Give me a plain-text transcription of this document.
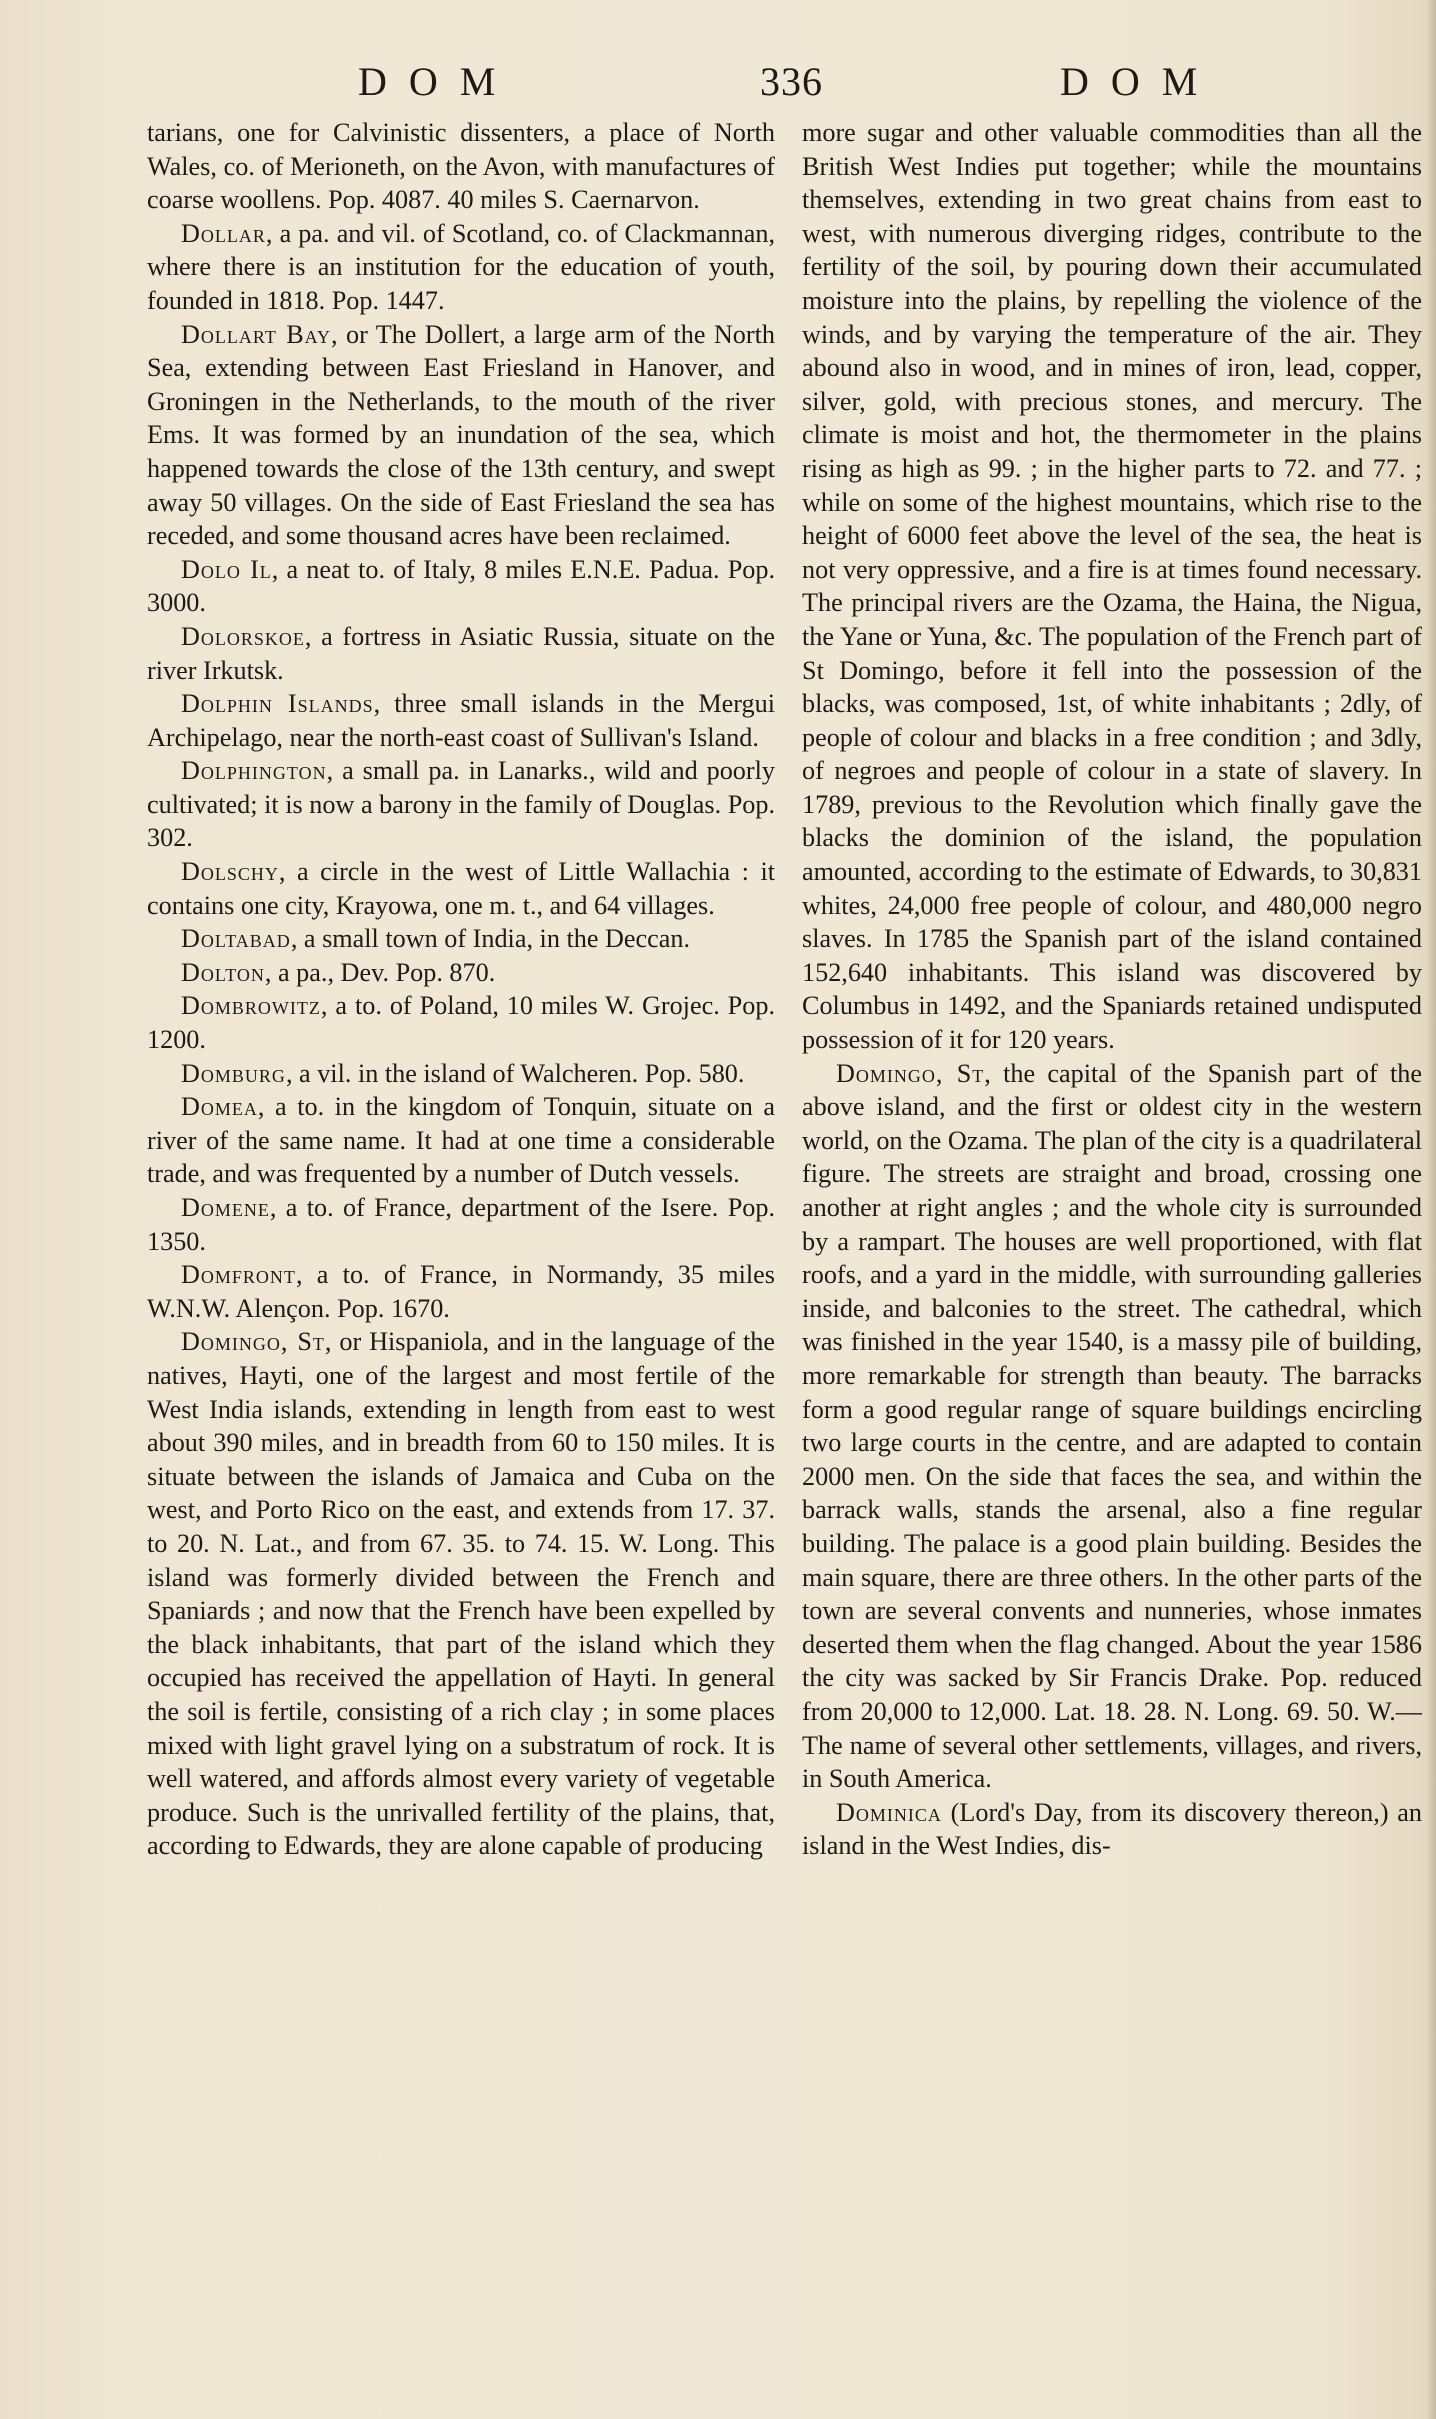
DOM	336	DOM

tarians, one for Calvinistic dissenters, a place of North Wales, co. of Merioneth, on the Avon, with manufactures of coarse woollens. Pop. 4087. 40 miles S. Caernarvon.

Dollar, a pa. and vil. of Scotland, co. of Clackmannan, where there is an institution for the education of youth, founded in 1818. Pop. 1447.

Dollart Bay, or The Dollert, a large arm of the North Sea, extending between East Friesland in Hanover, and Groningen in the Netherlands, to the mouth of the river Ems. It was formed by an inundation of the sea, which happened towards the close of the 13th century, and swept away 50 villages. On the side of East Friesland the sea has receded, and some thousand acres have been reclaimed.

Dolo Il, a neat to. of Italy, 8 miles E.N.E. Padua. Pop. 3000.

Dolorskoe, a fortress in Asiatic Russia, situate on the river Irkutsk.

Dolphin Islands, three small islands in the Mergui Archipelago, near the north-east coast of Sullivan's Island.

Dolphington, a small pa. in Lanarks., wild and poorly cultivated; it is now a barony in the family of Douglas. Pop. 302.

Dolschy, a circle in the west of Little Wallachia : it contains one city, Krayowa, one m. t., and 64 villages.

Doltabad, a small town of India, in the Deccan.

Dolton, a pa., Dev. Pop. 870.

Dombrowitz, a to. of Poland, 10 miles W. Grojec. Pop. 1200.

Domburg, a vil. in the island of Walcheren. Pop. 580.

Domea, a to. in the kingdom of Tonquin, situate on a river of the same name. It had at one time a considerable trade, and was frequented by a number of Dutch vessels.

Domene, a to. of France, department of the Isere. Pop. 1350.

Domfront, a to. of France, in Normandy, 35 miles W.N.W. Alençon. Pop. 1670.

Domingo, St, or Hispaniola, and in the language of the natives, Hayti, one of the largest and most fertile of the West India islands, extending in length from east to west about 390 miles, and in breadth from 60 to 150 miles. It is situate between the islands of Jamaica and Cuba on the west, and Porto Rico on the east, and extends from 17. 37. to 20. N. Lat., and from 67. 35. to 74. 15. W. Long. This island was formerly divided between the French and Spaniards ; and now that the French have been expelled by the black inhabitants, that part of the island which they occupied has received the appellation of Hayti. In general the soil is fertile, consisting of a rich clay ; in some places mixed with light gravel lying on a substratum of rock. It is well watered, and affords almost every variety of vegetable produce. Such is the unrivalled fertility of the plains, that, according to Edwards, they are alone capable of producing

more sugar and other valuable commodities than all the British West Indies put together; while the mountains themselves, extending in two great chains from east to west, with numerous diverging ridges, contribute to the fertility of the soil, by pouring down their accumulated moisture into the plains, by repelling the violence of the winds, and by varying the temperature of the air. They abound also in wood, and in mines of iron, lead, copper, silver, gold, with precious stones, and mercury. The climate is moist and hot, the thermometer in the plains rising as high as 99. ; in the higher parts to 72. and 77. ; while on some of the highest mountains, which rise to the height of 6000 feet above the level of the sea, the heat is not very oppressive, and a fire is at times found necessary. The principal rivers are the Ozama, the Haina, the Nigua, the Yane or Yuna, &c. The population of the French part of St Domingo, before it fell into the possession of the blacks, was composed, 1st, of white inhabitants ; 2dly, of people of colour and blacks in a free condition ; and 3dly, of negroes and people of colour in a state of slavery. In 1789, previous to the Revolution which finally gave the blacks the dominion of the island, the population amounted, according to the estimate of Edwards, to 30,831 whites, 24,000 free people of colour, and 480,000 negro slaves. In 1785 the Spanish part of the island contained 152,640 inhabitants. This island was discovered by Columbus in 1492, and the Spaniards retained undisputed possession of it for 120 years.

Domingo, St, the capital of the Spanish part of the above island, and the first or oldest city in the western world, on the Ozama. The plan of the city is a quadrilateral figure. The streets are straight and broad, crossing one another at right angles ; and the whole city is surrounded by a rampart. The houses are well proportioned, with flat roofs, and a yard in the middle, with surrounding galleries inside, and balconies to the street. The cathedral, which was finished in the year 1540, is a massy pile of building, more remarkable for strength than beauty. The barracks form a good regular range of square buildings encircling two large courts in the centre, and are adapted to contain 2000 men. On the side that faces the sea, and within the barrack walls, stands the arsenal, also a fine regular building. The palace is a good plain building. Besides the main square, there are three others. In the other parts of the town are several convents and nunneries, whose inmates deserted them when the flag changed. About the year 1586 the city was sacked by Sir Francis Drake. Pop. reduced from 20,000 to 12,000. Lat. 18. 28. N. Long. 69. 50. W.—The name of several other settlements, villages, and rivers, in South America.

Dominica (Lord's Day, from its discovery thereon,) an island in the West Indies, dis-
